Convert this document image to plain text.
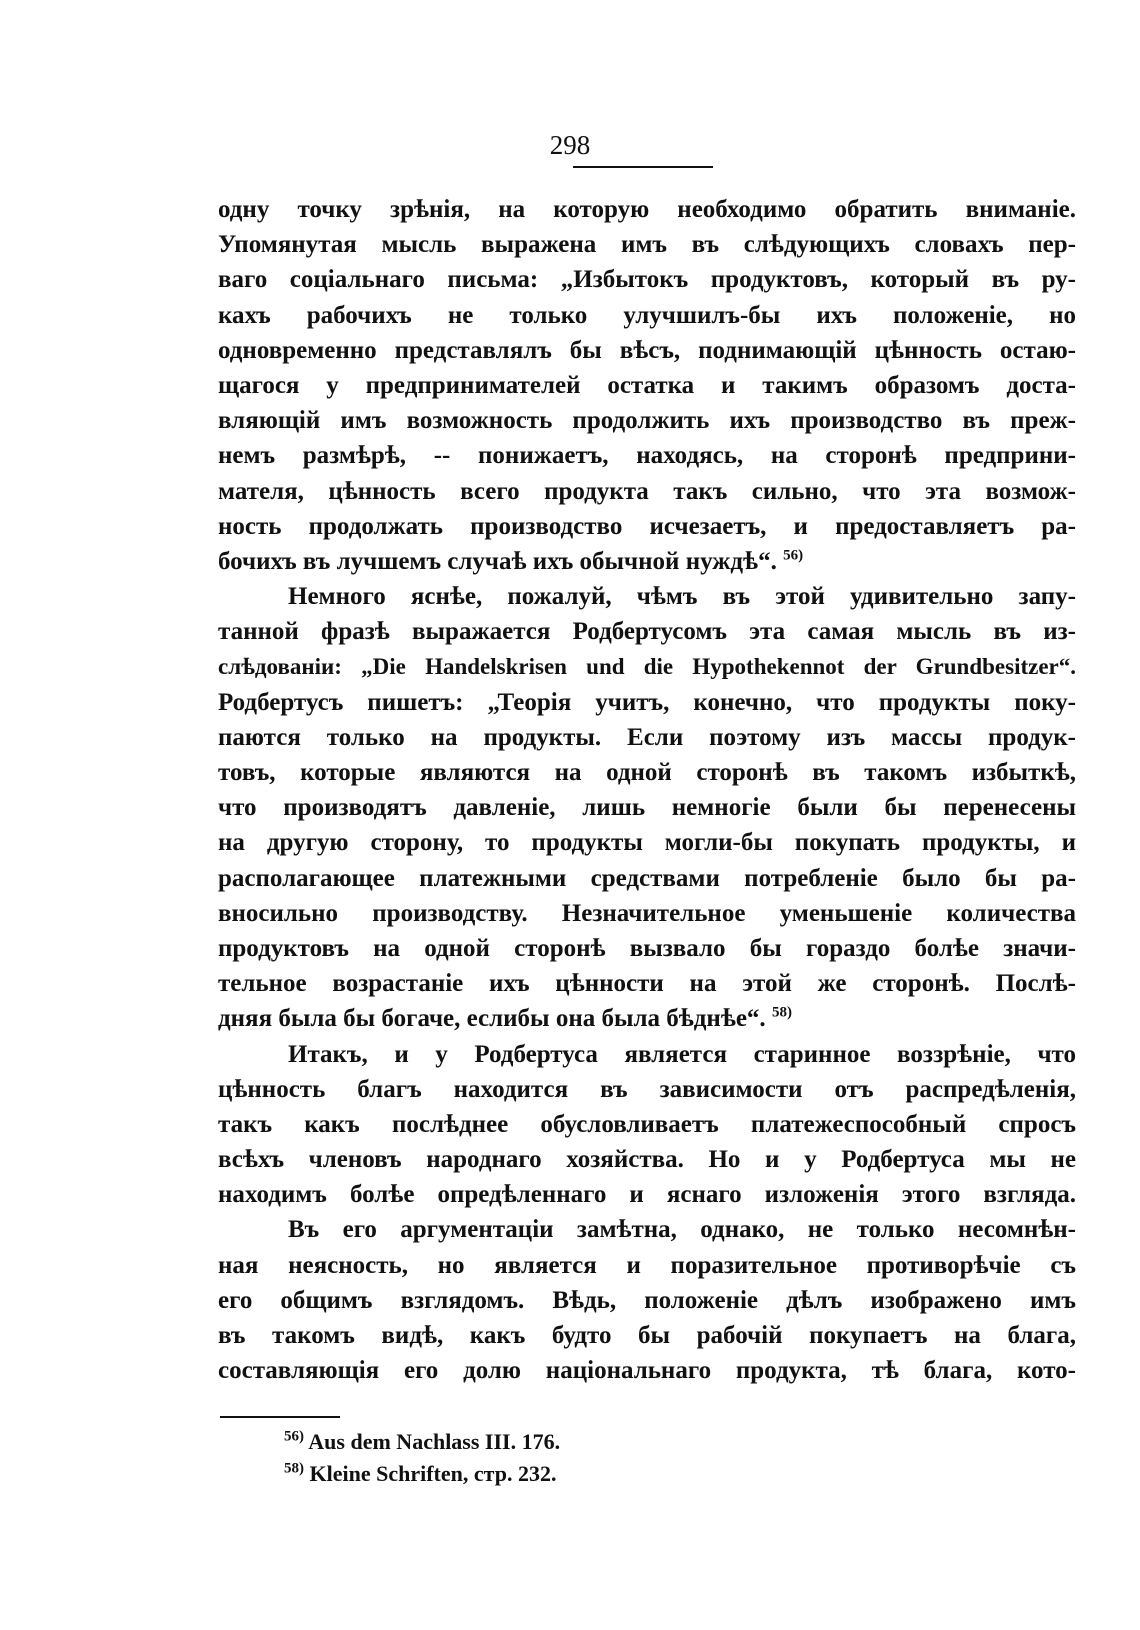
298
одну точку зрѣнія, на которую необходимо обратить вниманіе.
Упомянутая мысль выражена имъ въ слѣдующихъ словахъ пер-
ваго соціальнаго письма: „Избытокъ продуктовъ, который въ ру-
кахъ рабочихъ не только улучшилъ-бы ихъ положеніе, но
одновременно представлялъ бы вѣсъ, поднимающій цѣнность остаю-
щагося у предпринимателей остатка и такимъ образомъ доста-
вляющій имъ возможность продолжить ихъ производство въ преж-
немъ размѣрѣ, -- понижаетъ, находясь, на сторонѣ предприни-
мателя, цѣнность всего продукта такъ сильно, что эта возмож-
ность продолжать производство исчезаетъ, и предоставляетъ ра-
бочихъ въ лучшемъ случаѣ ихъ обычной нуждѣ“. $^{56)}$
Немного яснѣе, пожалуй, чѣмъ въ этой удивительно запу-
танной фразѣ выражается Родбертусомъ эта самая мысль въ из-
слѣдованіи: „Die Handelskrisen und die Hypothekennot der Grundbesitzer“.
Родбертусъ пишетъ: „Теорія учитъ, конечно, что продукты поку-
паются только на продукты. Если поэтому изъ массы продук-
товъ, которые являются на одной сторонѣ въ такомъ избыткѣ,
что производятъ давленіе, лишь немногіе были бы перенесены
на другую сторону, то продукты могли-бы покупать продукты, и
располагающее платежными средствами потребленіе было бы ра-
вносильно производству. Незначительное уменьшеніе количества
продуктовъ на одной сторонѣ вызвало бы гораздо болѣе значи-
тельное возрастаніе ихъ цѣнности на этой же сторонѣ. Послѣ-
дняя была бы богаче, еслибы она была бѣднѣе“. $^{58)}$
Итакъ, и у Родбертуса является старинное воззрѣніе, что
цѣнность благъ находится въ зависимости отъ распредѣленія,
такъ какъ послѣднее обусловливаетъ платежеспособный спросъ
всѣхъ членовъ народнаго хозяйства. Но и у Родбертуса мы не
находимъ болѣе опредѣленнаго и яснаго изложенія этого взгляда.
Въ его аргументаціи замѣтна, однако, не только несомнѣн-
ная неясность, но является и поразительное противорѣчіе съ
его общимъ взглядомъ. Вѣдь, положеніе дѣлъ изображено имъ
въ такомъ видѣ, какъ будто бы рабочій покупаетъ на блага,
составляющія его долю національнаго продукта, тѣ блага, кото-
$^{56)}$ Aus dem Nachlass III. 176.
$^{58)}$ Kleine Schriften, стр. 232.
